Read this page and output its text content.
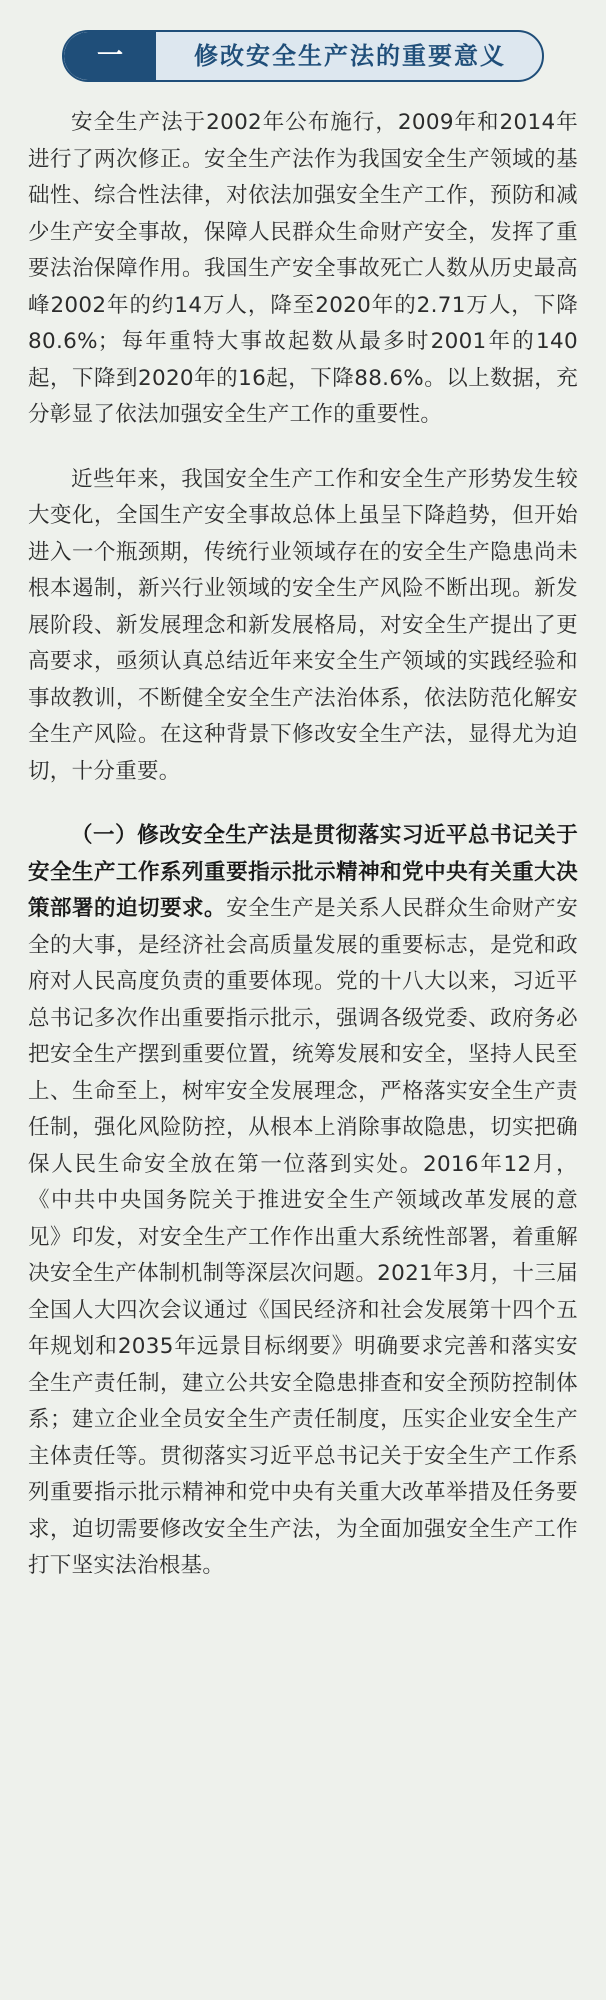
一	修改安全生产法的重要意义

安全生产法于2002年公布施行，2009年和2014年进行了两次修正。安全生产法作为我国安全生产领域的基础性、综合性法律，对依法加强安全生产工作，预防和减少生产安全事故，保障人民群众生命财产安全，发挥了重要法治保障作用。我国生产安全事故死亡人数从历史最高峰2002年的约14万人，降至2020年的2.71万人，下降80.6%；每年重特大事故起数从最多时2001年的140起，下降到2020年的16起，下降88.6%。以上数据，充分彰显了依法加强安全生产工作的重要性。

近些年来，我国安全生产工作和安全生产形势发生较大变化，全国生产安全事故总体上虽呈下降趋势，但开始进入一个瓶颈期，传统行业领域存在的安全生产隐患尚未根本遏制，新兴行业领域的安全生产风险不断出现。新发展阶段、新发展理念和新发展格局，对安全生产提出了更高要求，亟须认真总结近年来安全生产领域的实践经验和事故教训，不断健全安全生产法治体系，依法防范化解安全生产风险。在这种背景下修改安全生产法，显得尤为迫切，十分重要。

（一）修改安全生产法是贯彻落实习近平总书记关于安全生产工作系列重要指示批示精神和党中央有关重大决策部署的迫切要求。安全生产是关系人民群众生命财产安全的大事，是经济社会高质量发展的重要标志，是党和政府对人民高度负责的重要体现。党的十八大以来，习近平总书记多次作出重要指示批示，强调各级党委、政府务必把安全生产摆到重要位置，统筹发展和安全，坚持人民至上、生命至上，树牢安全发展理念，严格落实安全生产责任制，强化风险防控，从根本上消除事故隐患，切实把确保人民生命安全放在第一位落到实处。2016年12月，《中共中央国务院关于推进安全生产领域改革发展的意见》印发，对安全生产工作作出重大系统性部署，着重解决安全生产体制机制等深层次问题。2021年3月，十三届全国人大四次会议通过《国民经济和社会发展第十四个五年规划和2035年远景目标纲要》明确要求完善和落实安全生产责任制，建立公共安全隐患排查和安全预防控制体系；建立企业全员安全生产责任制度，压实企业安全生产主体责任等。贯彻落实习近平总书记关于安全生产工作系列重要指示批示精神和党中央有关重大改革举措及任务要求，迫切需要修改安全生产法，为全面加强安全生产工作打下坚实法治根基。
